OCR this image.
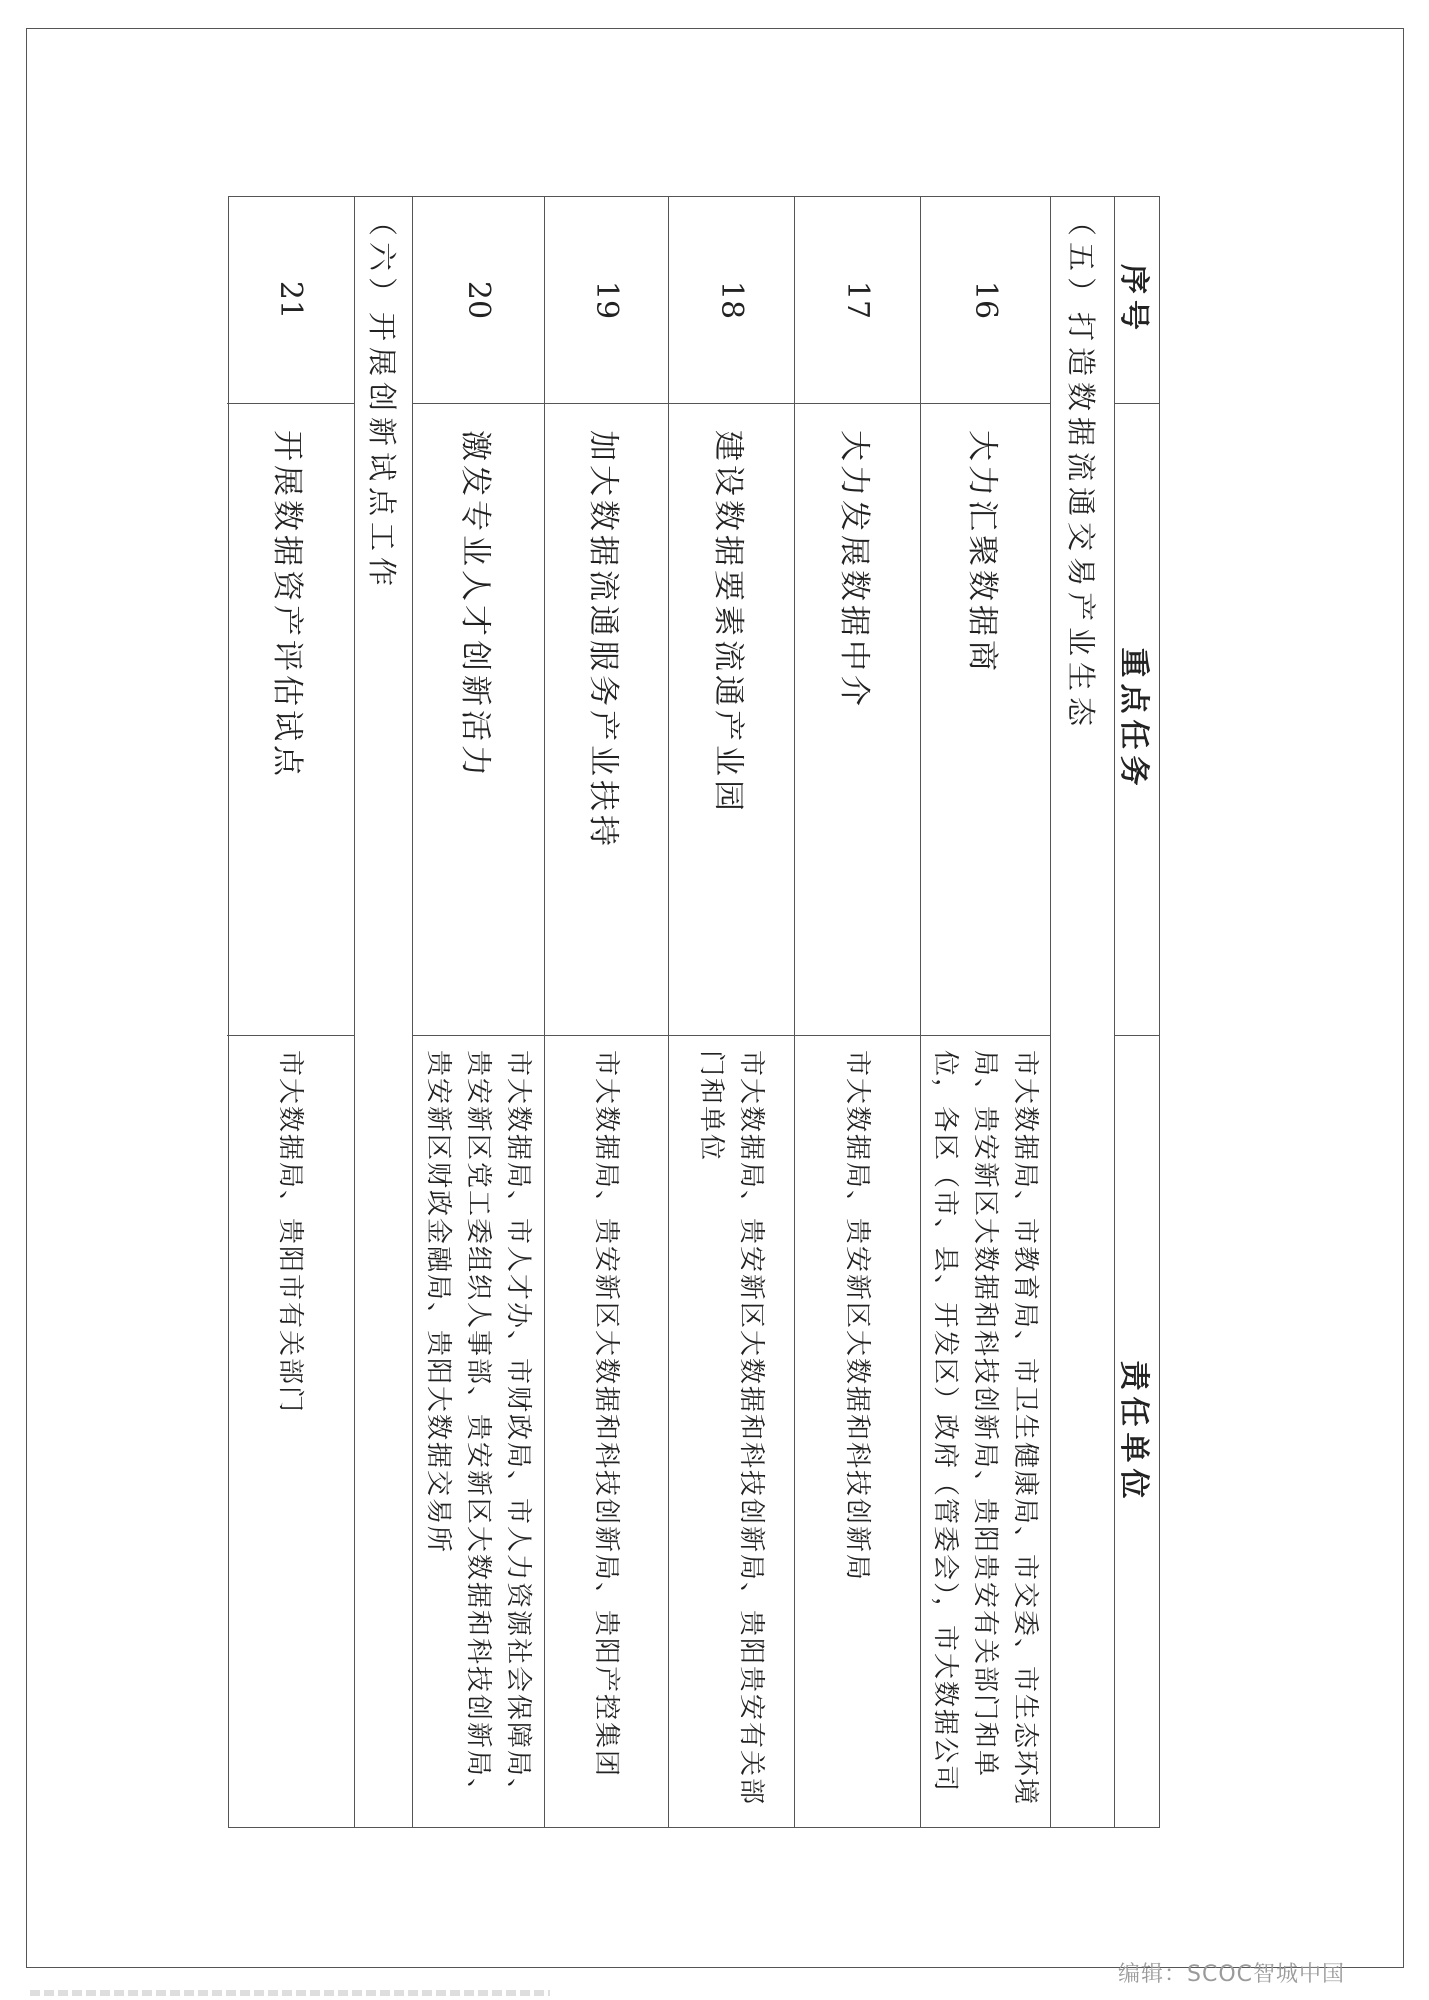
序号
重点任务
责任单位
（五）打造数据流通交易产业生态
16
大力汇聚数据商
市大数据局、市教育局、市卫生健康局、市交委、市生态环境局、贵安新区大数据和科技创新局、贵阳贵安有关部门和单位，各区（市、县、开发区）政府（管委会），市大数据公司
17
大力发展数据中介
市大数据局、贵安新区大数据和科技创新局
18
建设数据要素流通产业园
市大数据局、贵安新区大数据和科技创新局、贵阳贵安有关部门和单位
19
加大数据流通服务产业扶持
市大数据局、贵安新区大数据和科技创新局、贵阳产控集团
20
激发专业人才创新活力
市大数据局、市人才办、市财政局、市人力资源社会保障局、贵安新区党工委组织人事部、贵安新区大数据和科技创新局、贵安新区财政金融局、贵阳大数据交易所
（六）开展创新试点工作
21
开展数据资产评估试点
市大数据局、贵阳市有关部门
编辑：SCOC智城中国
